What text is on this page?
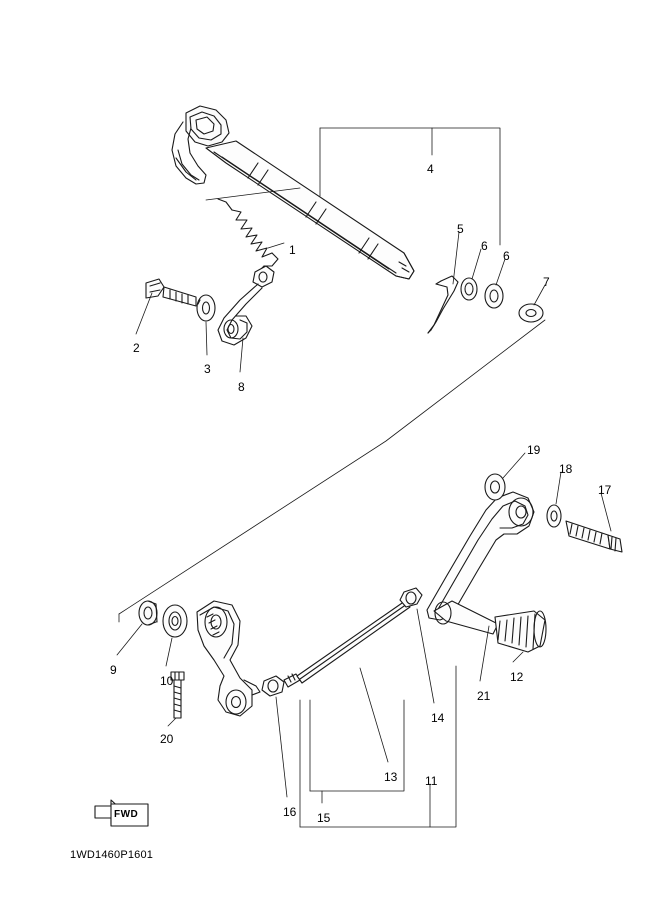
FWD
1WD1460P1601
1
2
3
4
5
6
6
7
8
9
10
11
12
13
14
15
16
17
18
19
20
21
